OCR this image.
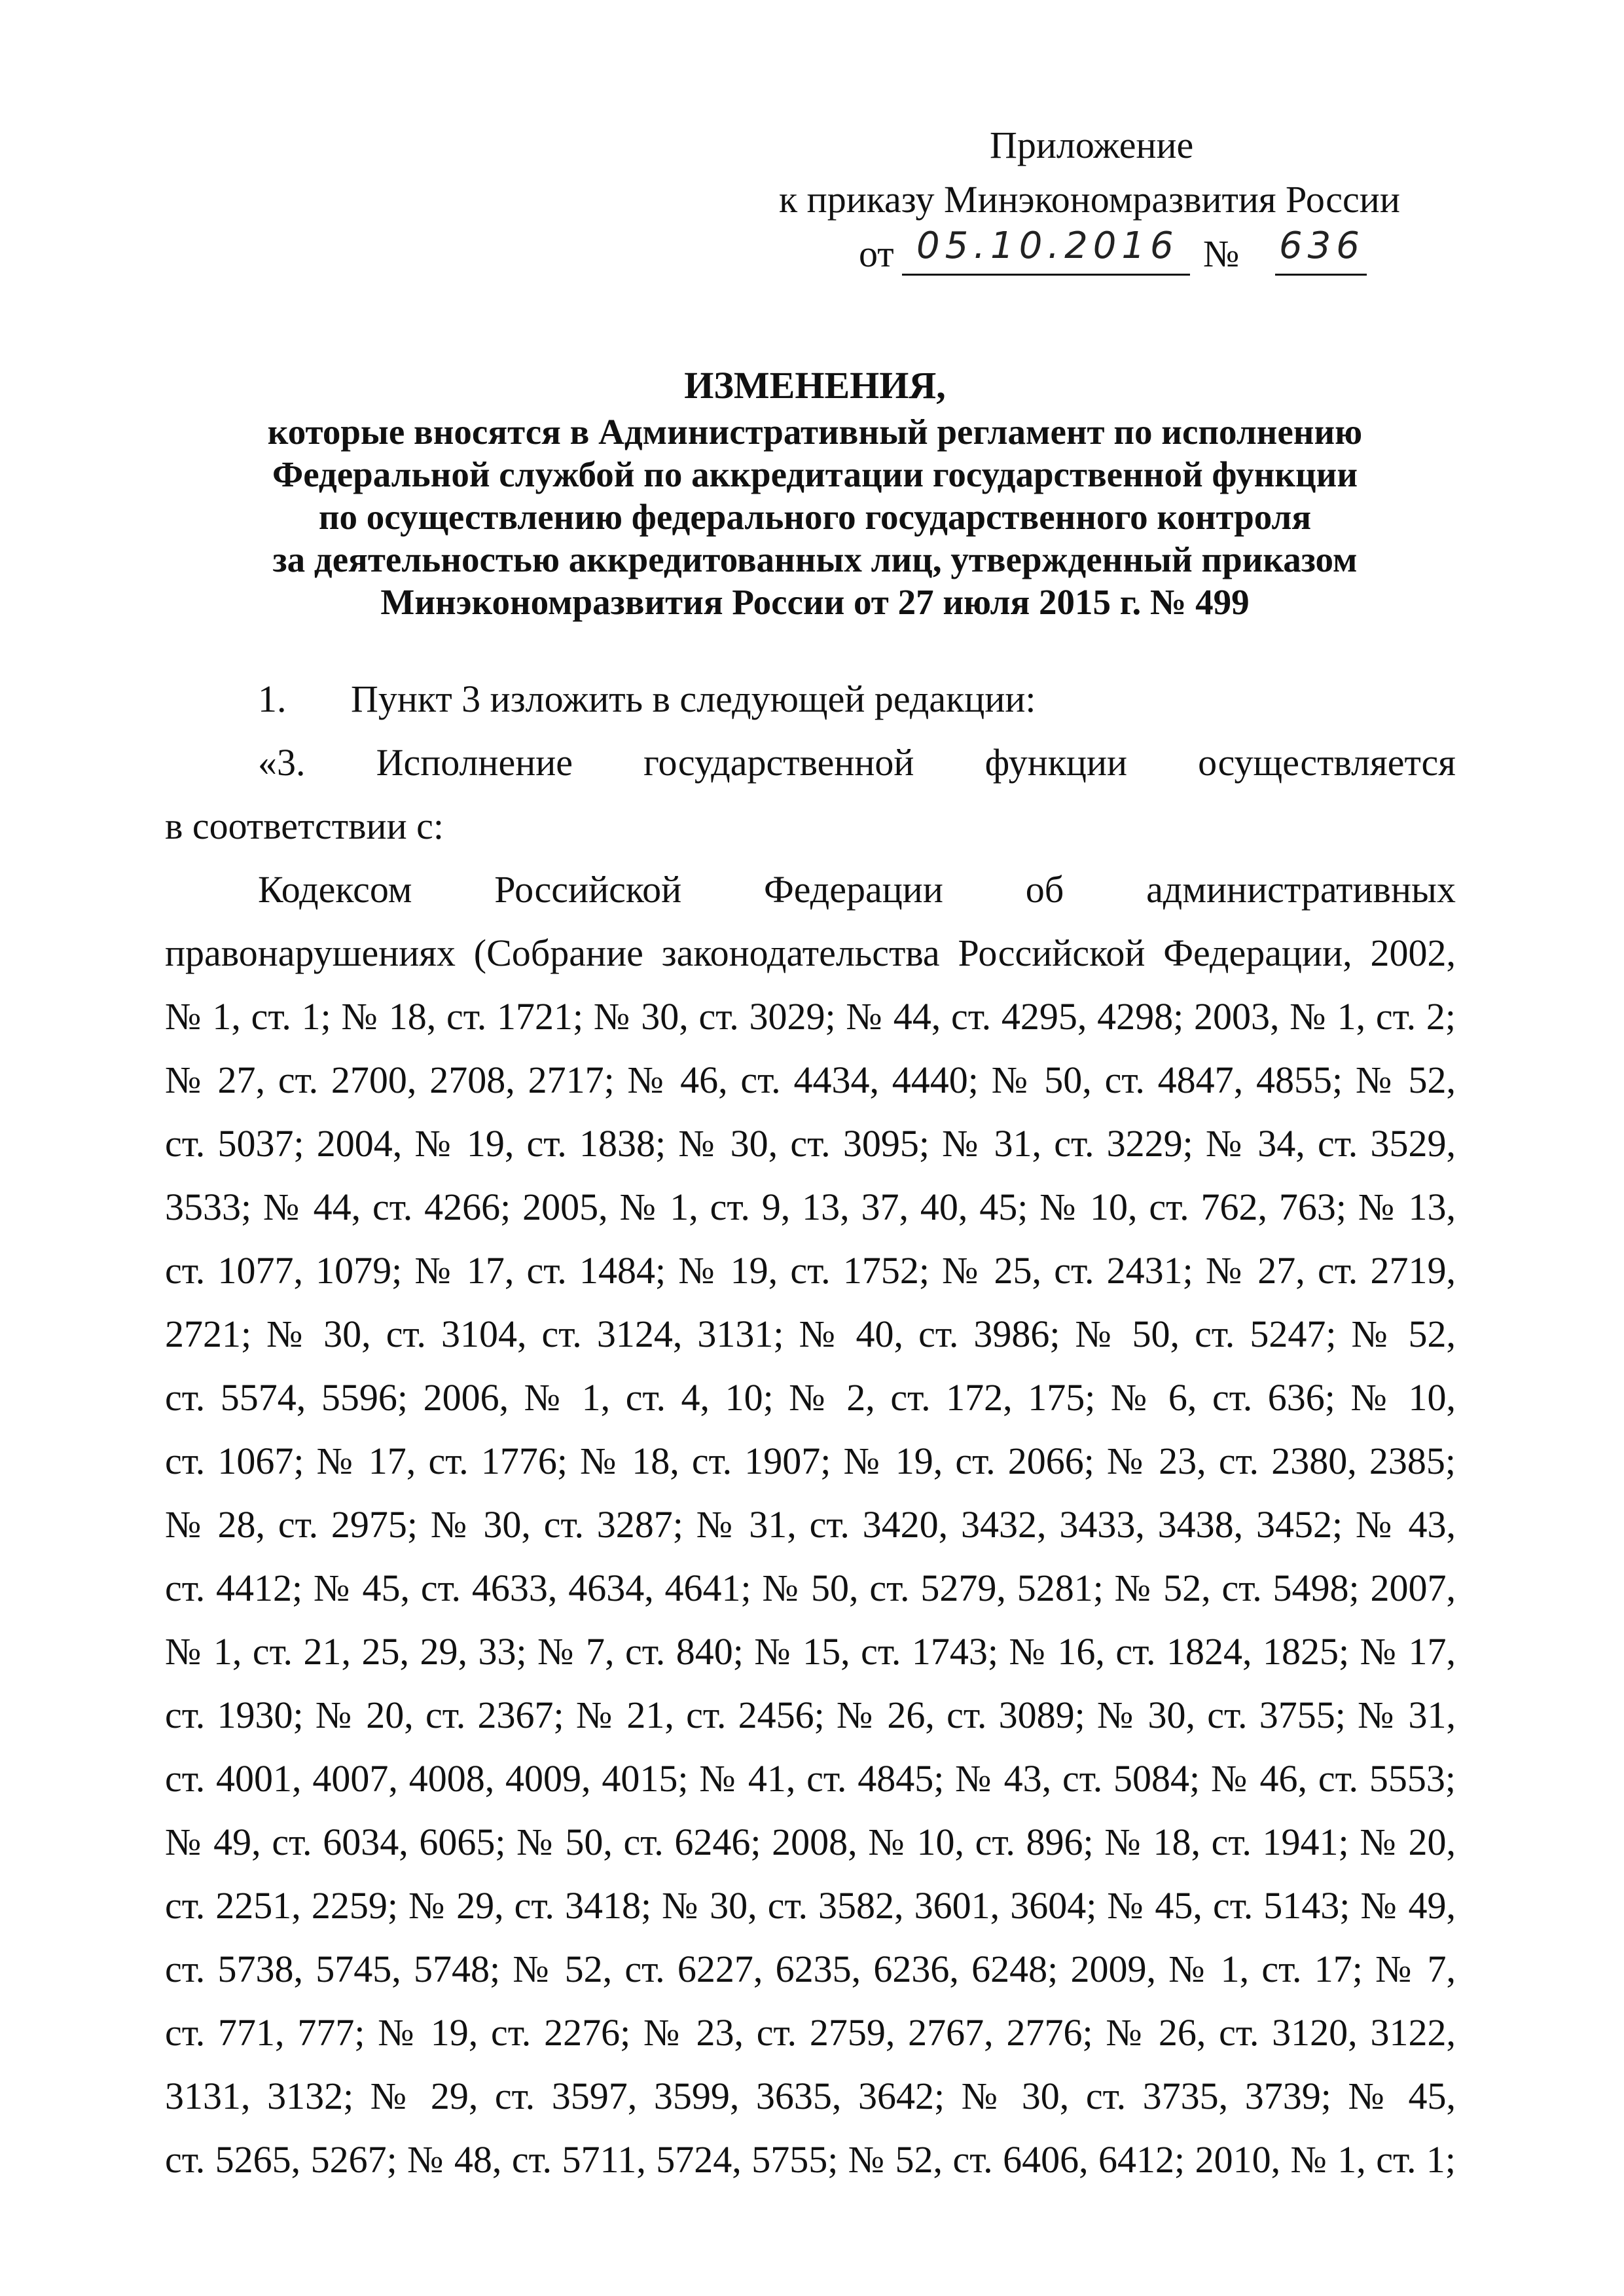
Приложение
к приказу Минэкономразвития России
от 05.10.2016 № 636
ИЗМЕНЕНИЯ,
которые вносятся в Административный регламент по исполнению
Федеральной службой по аккредитации государственной функции
по осуществлению федерального государственного контроля
за деятельностью аккредитованных лиц, утвержденный приказом
Минэкономразвития России от 27 июля 2015 г. № 499
1.	Пункт 3 изложить в следующей редакции:
«3. Исполнение государственной функции осуществляется
в соответствии с:
Кодексом Российской Федерации об административных
правонарушениях (Собрание законодательства Российской Федерации, 2002,
№ 1, ст. 1; № 18, ст. 1721; № 30, ст. 3029; № 44, ст. 4295, 4298; 2003, № 1, ст. 2;
№ 27, ст. 2700, 2708, 2717; № 46, ст. 4434, 4440; № 50, ст. 4847, 4855; № 52,
ст. 5037; 2004, № 19, ст. 1838; № 30, ст. 3095; № 31, ст. 3229; № 34, ст. 3529,
3533; № 44, ст. 4266; 2005, № 1, ст. 9, 13, 37, 40, 45; № 10, ст. 762, 763; № 13,
ст. 1077, 1079; № 17, ст. 1484; № 19, ст. 1752; № 25, ст. 2431; № 27, ст. 2719,
2721; № 30, ст. 3104, ст. 3124, 3131; № 40, ст. 3986; № 50, ст. 5247; № 52,
ст. 5574, 5596; 2006, № 1, ст. 4, 10; № 2, ст. 172, 175; № 6, ст. 636; № 10,
ст. 1067; № 17, ст. 1776; № 18, ст. 1907; № 19, ст. 2066; № 23, ст. 2380, 2385;
№ 28, ст. 2975; № 30, ст. 3287; № 31, ст. 3420, 3432, 3433, 3438, 3452; № 43,
ст. 4412; № 45, ст. 4633, 4634, 4641; № 50, ст. 5279, 5281; № 52, ст. 5498; 2007,
№ 1, ст. 21, 25, 29, 33; № 7, ст. 840; № 15, ст. 1743; № 16, ст. 1824, 1825; № 17,
ст. 1930; № 20, ст. 2367; № 21, ст. 2456; № 26, ст. 3089; № 30, ст. 3755; № 31,
ст. 4001, 4007, 4008, 4009, 4015; № 41, ст. 4845; № 43, ст. 5084; № 46, ст. 5553;
№ 49, ст. 6034, 6065; № 50, ст. 6246; 2008, № 10, ст. 896; № 18, ст. 1941; № 20,
ст. 2251, 2259; № 29, ст. 3418; № 30, ст. 3582, 3601, 3604; № 45, ст. 5143; № 49,
ст. 5738, 5745, 5748; № 52, ст. 6227, 6235, 6236, 6248; 2009, № 1, ст. 17; № 7,
ст. 771, 777; № 19, ст. 2276; № 23, ст. 2759, 2767, 2776; № 26, ст. 3120, 3122,
3131, 3132; № 29, ст. 3597, 3599, 3635, 3642; № 30, ст. 3735, 3739; № 45,
ст. 5265, 5267; № 48, ст. 5711, 5724, 5755; № 52, ст. 6406, 6412; 2010, № 1, ст. 1;
